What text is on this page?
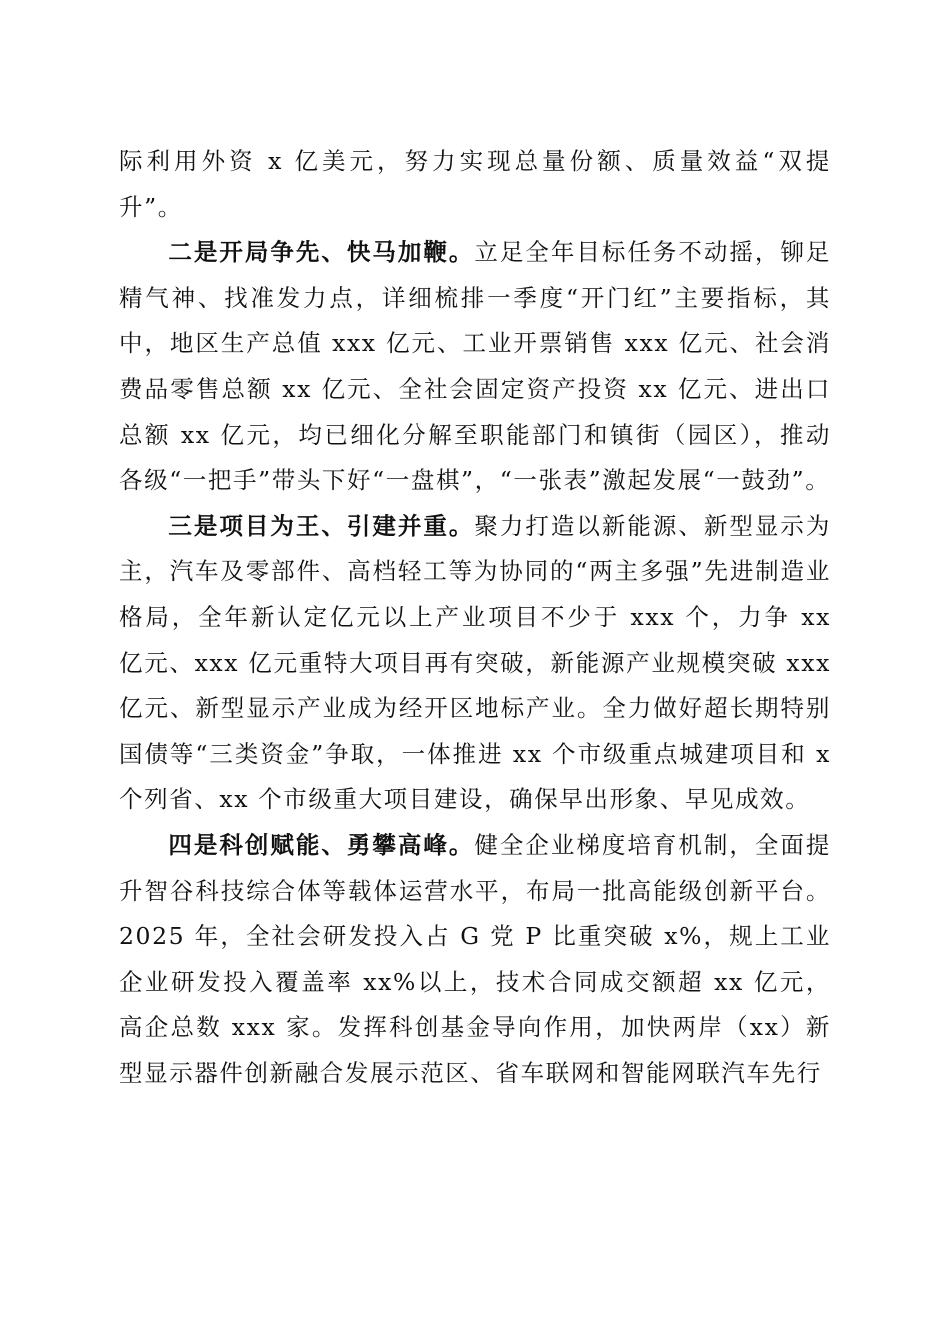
际利用外资 x 亿美元，努力实现总量份额、质量效益“双提升”。

二是开局争先、快马加鞭。立足全年目标任务不动摇，铆足精气神、找准发力点，详细梳排一季度“开门红”主要指标，其中，地区生产总值 xxx 亿元、工业开票销售 xxx 亿元、社会消费品零售总额 xx 亿元、全社会固定资产投资 xx 亿元、进出口总额 xx 亿元，均已细化分解至职能部门和镇街（园区），推动各级“一把手”带头下好“一盘棋”，“一张表”激起发展“一鼓劲”。

三是项目为王、引建并重。聚力打造以新能源、新型显示为主，汽车及零部件、高档轻工等为协同的“两主多强”先进制造业格局，全年新认定亿元以上产业项目不少于 xxx 个，力争 xx 亿元、xxx 亿元重特大项目再有突破，新能源产业规模突破 xxx 亿元、新型显示产业成为经开区地标产业。全力做好超长期特别国债等“三类资金”争取，一体推进 xx 个市级重点城建项目和 x 个列省、xx 个市级重大项目建设，确保早出形象、早见成效。

四是科创赋能、勇攀高峰。健全企业梯度培育机制，全面提升智谷科技综合体等载体运营水平，布局一批高能级创新平台。2025 年，全社会研发投入占 G 党 P 比重突破 x%，规上工业企业研发投入覆盖率 xx%以上，技术合同成交额超 xx 亿元，高企总数 xxx 家。发挥科创基金导向作用，加快两岸（xx）新型显示器件创新融合发展示范区、省车联网和智能网联汽车先行
